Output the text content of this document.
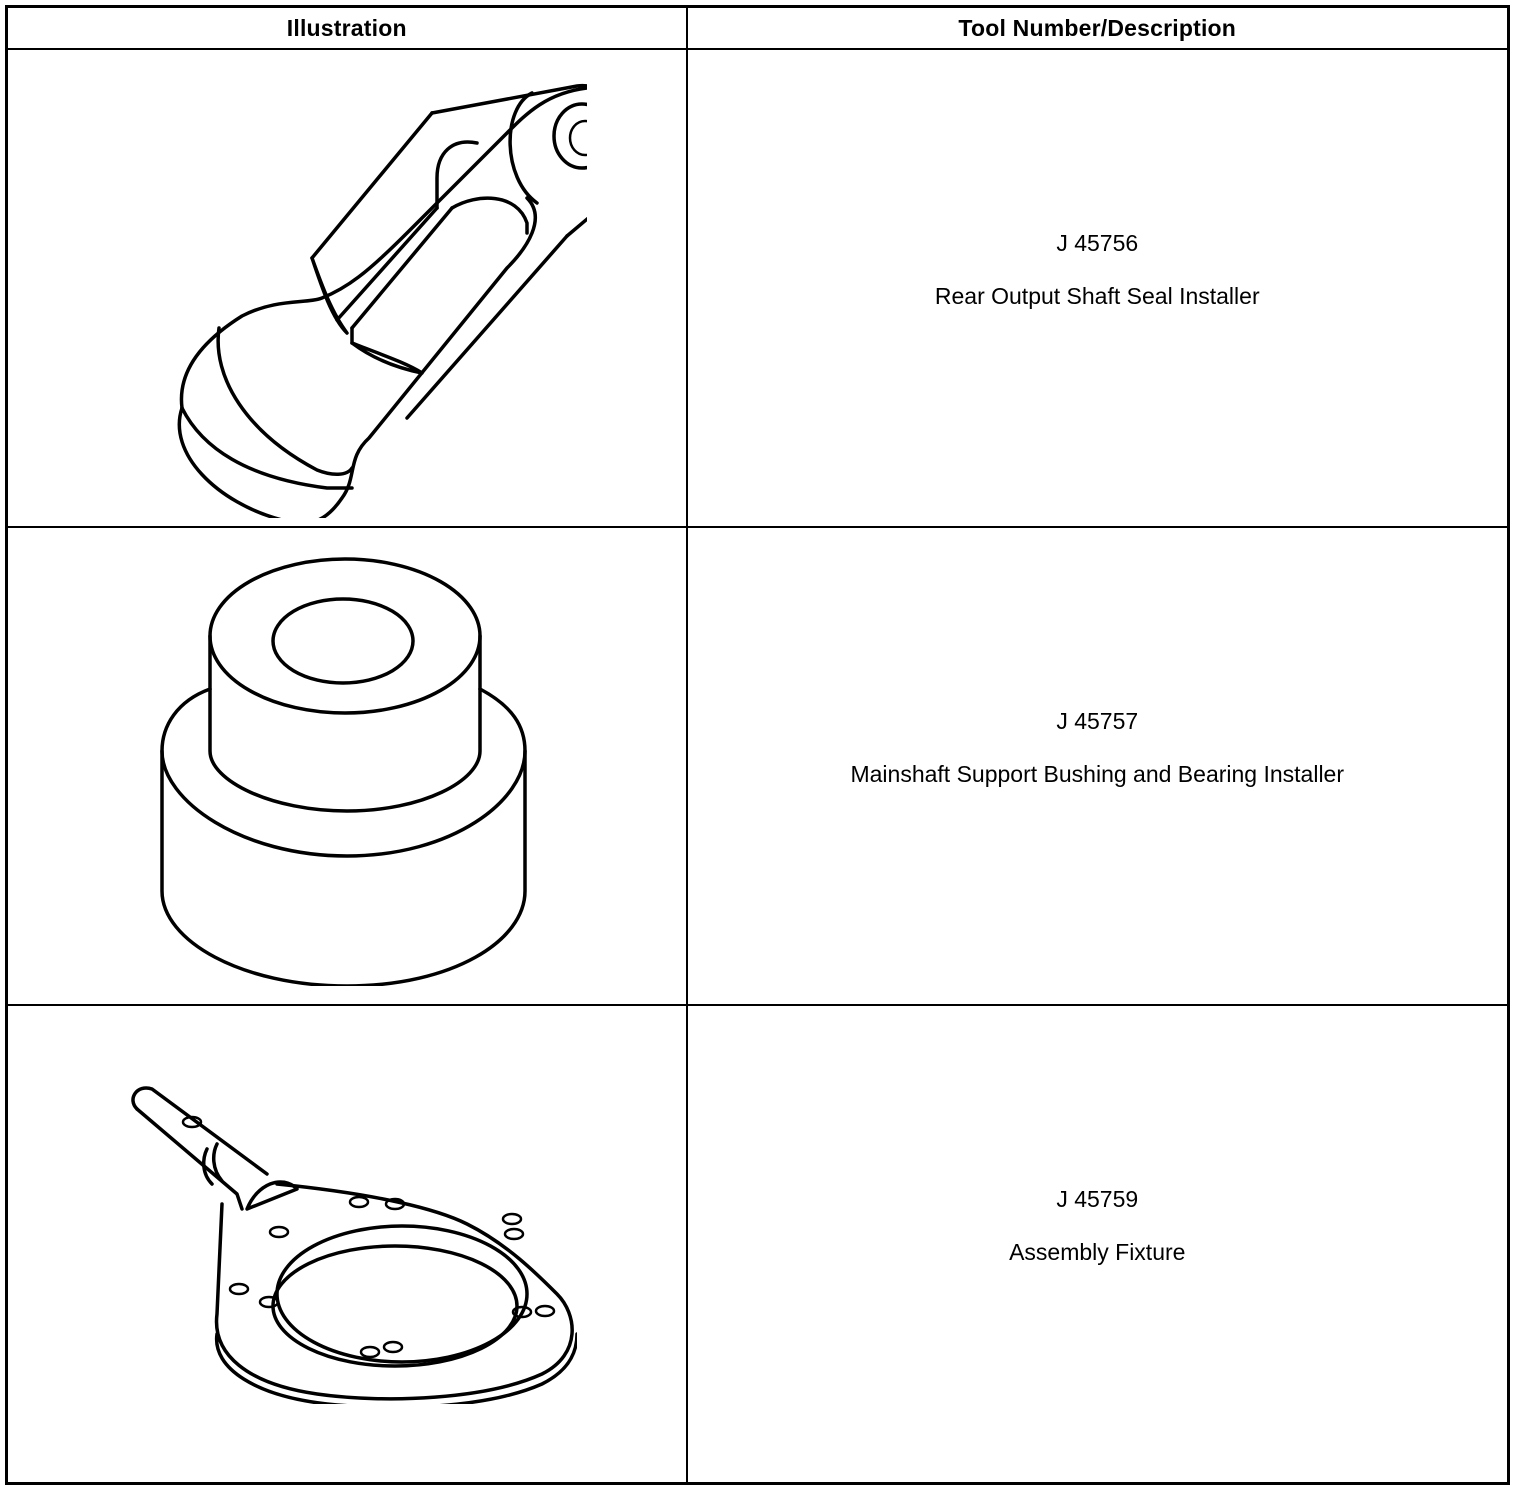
Illustration	Tool Number/Description

J 45756
Rear Output Shaft Seal Installer

J 45757
Mainshaft Support Bushing and Bearing Installer

J 45759
Assembly Fixture
